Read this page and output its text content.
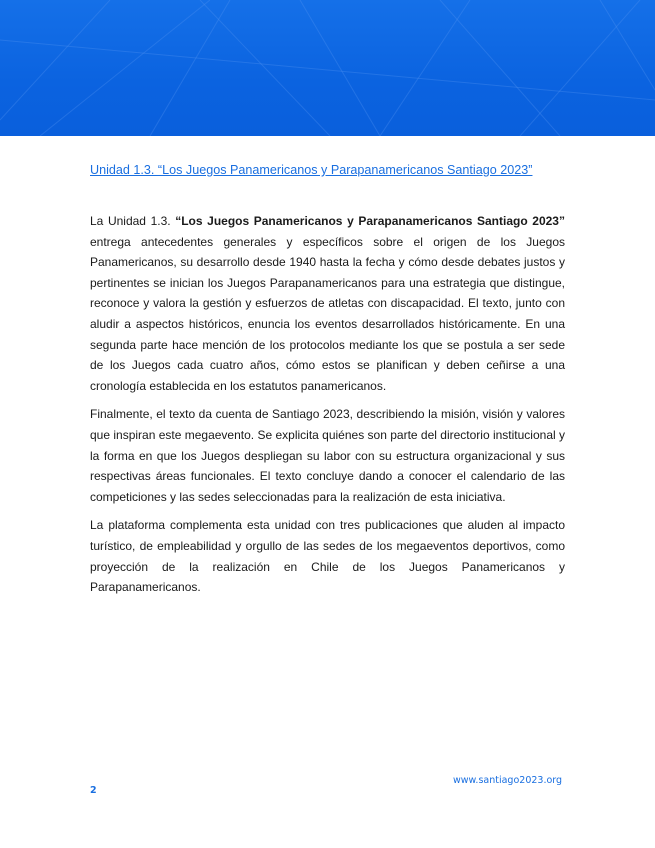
Unidad 1.3. “Los Juegos Panamericanos y Parapanamericanos Santiago 2023”

La Unidad 1.3. “Los Juegos Panamericanos y Parapanamericanos Santiago 2023” entrega antecedentes generales y específicos sobre el origen de los Juegos Panamericanos, su desarrollo desde 1940 hasta la fecha y cómo desde debates justos y pertinentes se inician los Juegos Parapanamericanos para una estrategia que distingue, reconoce y valora la gestión y esfuerzos de atletas con discapacidad. El texto, junto con aludir a aspectos históricos, enuncia los eventos desarrollados históricamente. En una segunda parte hace mención de los protocolos mediante los que se postula a ser sede de los Juegos cada cuatro años, cómo estos se planifican y deben ceñirse a una cronología establecida en los estatutos panamericanos.

Finalmente, el texto da cuenta de Santiago 2023, describiendo la misión, visión y valores que inspiran este megaevento. Se explicita quiénes son parte del directorio institucional y la forma en que los Juegos despliegan su labor con su estructura organizacional y sus respectivas áreas funcionales. El texto concluye dando a conocer el calendario de las competiciones y las sedes seleccionadas para la realización de esta iniciativa.

La plataforma complementa esta unidad con tres publicaciones que aluden al impacto turístico, de empleabilidad y orgullo de las sedes de los megaeventos deportivos, como proyección de la realización en Chile de los Juegos Panamericanos y Parapanamericanos.

www.santiago2023.org
2
